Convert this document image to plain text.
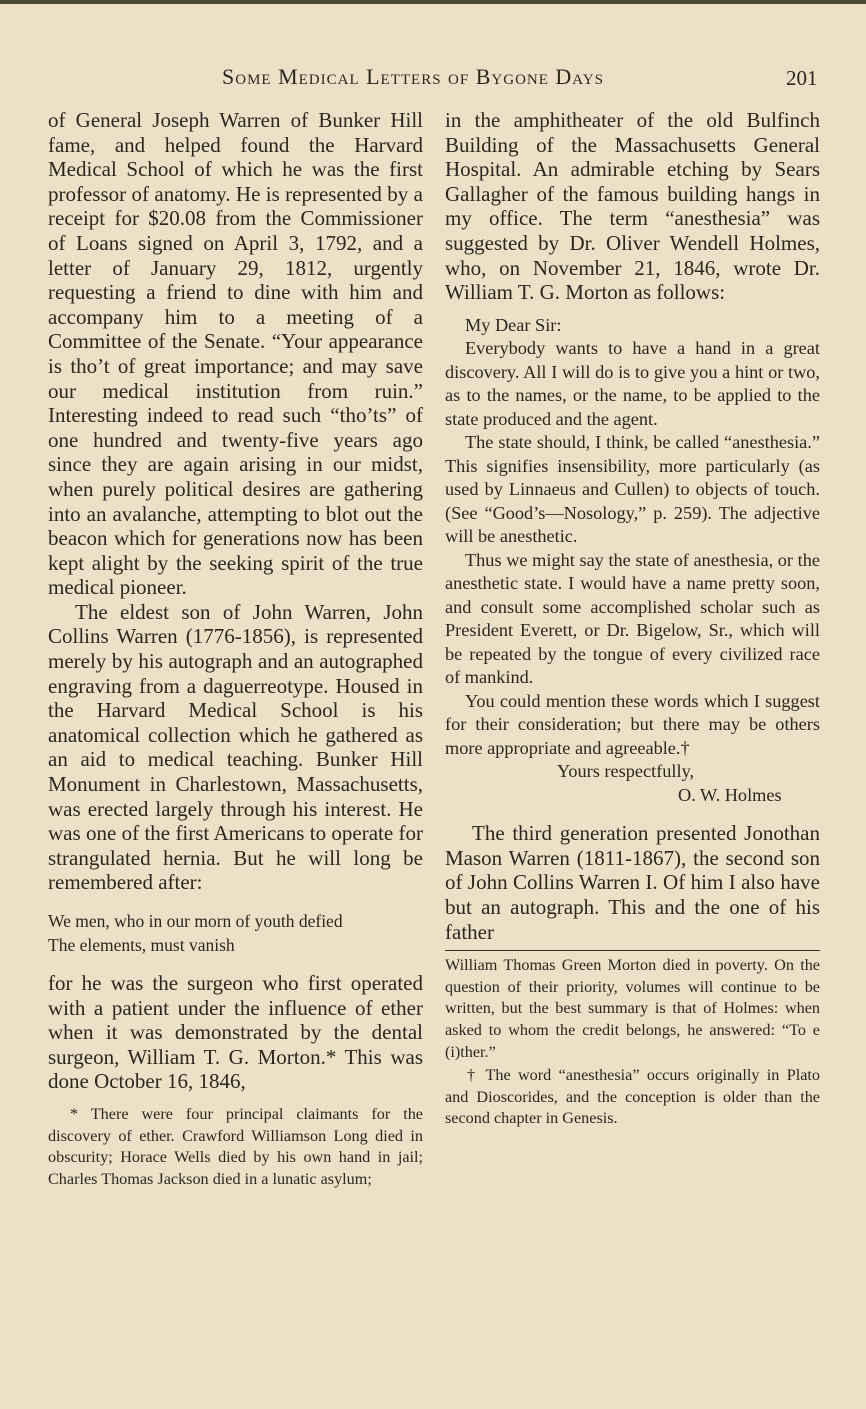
Some Medical Letters of Bygone Days	201

of General Joseph Warren of Bunker Hill fame, and helped found the Harvard Medical School of which he was the first professor of anatomy. He is represented by a receipt for $20.08 from the Commissioner of Loans signed on April 3, 1792, and a letter of January 29, 1812, urgently requesting a friend to dine with him and accompany him to a meeting of a Committee of the Senate. “Your appearance is tho’t of great importance; and may save our medical institution from ruin.” Interesting indeed to read such “tho’ts” of one hundred and twenty-five years ago since they are again arising in our midst, when purely political desires are gathering into an avalanche, attempting to blot out the beacon which for generations now has been kept alight by the seeking spirit of the true medical pioneer.

The eldest son of John Warren, John Collins Warren (1776-1856), is represented merely by his autograph and an autographed engraving from a daguerreotype. Housed in the Harvard Medical School is his anatomical collection which he gathered as an aid to medical teaching. Bunker Hill Monument in Charlestown, Massachusetts, was erected largely through his interest. He was one of the first Americans to operate for strangulated hernia. But he will long be remembered after:

We men, who in our morn of youth defied
The elements, must vanish

for he was the surgeon who first operated with a patient under the influence of ether when it was demonstrated by the dental surgeon, William T. G. Morton.* This was done October 16, 1846,

* There were four principal claimants for the discovery of ether. Crawford Williamson Long died in obscurity; Horace Wells died by his own hand in jail; Charles Thomas Jackson died in a lunatic asylum;

in the amphitheater of the old Bulfinch Building of the Massachusetts General Hospital. An admirable etching by Sears Gallagher of the famous building hangs in my office. The term “anesthesia” was suggested by Dr. Oliver Wendell Holmes, who, on November 21, 1846, wrote Dr. William T. G. Morton as follows:

My Dear Sir:

Everybody wants to have a hand in a great discovery. All I will do is to give you a hint or two, as to the names, or the name, to be applied to the state produced and the agent.

The state should, I think, be called “anesthesia.” This signifies insensibility, more particularly (as used by Linnaeus and Cullen) to objects of touch. (See “Good’s—Nosology,” p. 259). The adjective will be anesthetic.

Thus we might say the state of anesthesia, or the anesthetic state. I would have a name pretty soon, and consult some accomplished scholar such as President Everett, or Dr. Bigelow, Sr., which will be repeated by the tongue of every civilized race of mankind.

You could mention these words which I suggest for their consideration; but there may be others more appropriate and agreeable.†

Yours respectfully,

O. W. Holmes

The third generation presented Jonothan Mason Warren (1811-1867), the second son of John Collins Warren I. Of him I also have but an autograph. This and the one of his father

William Thomas Green Morton died in poverty. On the question of their priority, volumes will continue to be written, but the best summary is that of Holmes: when asked to whom the credit belongs, he answered: “To e (i)ther.”

† The word “anesthesia” occurs originally in Plato and Dioscorides, and the conception is older than the second chapter in Genesis.
